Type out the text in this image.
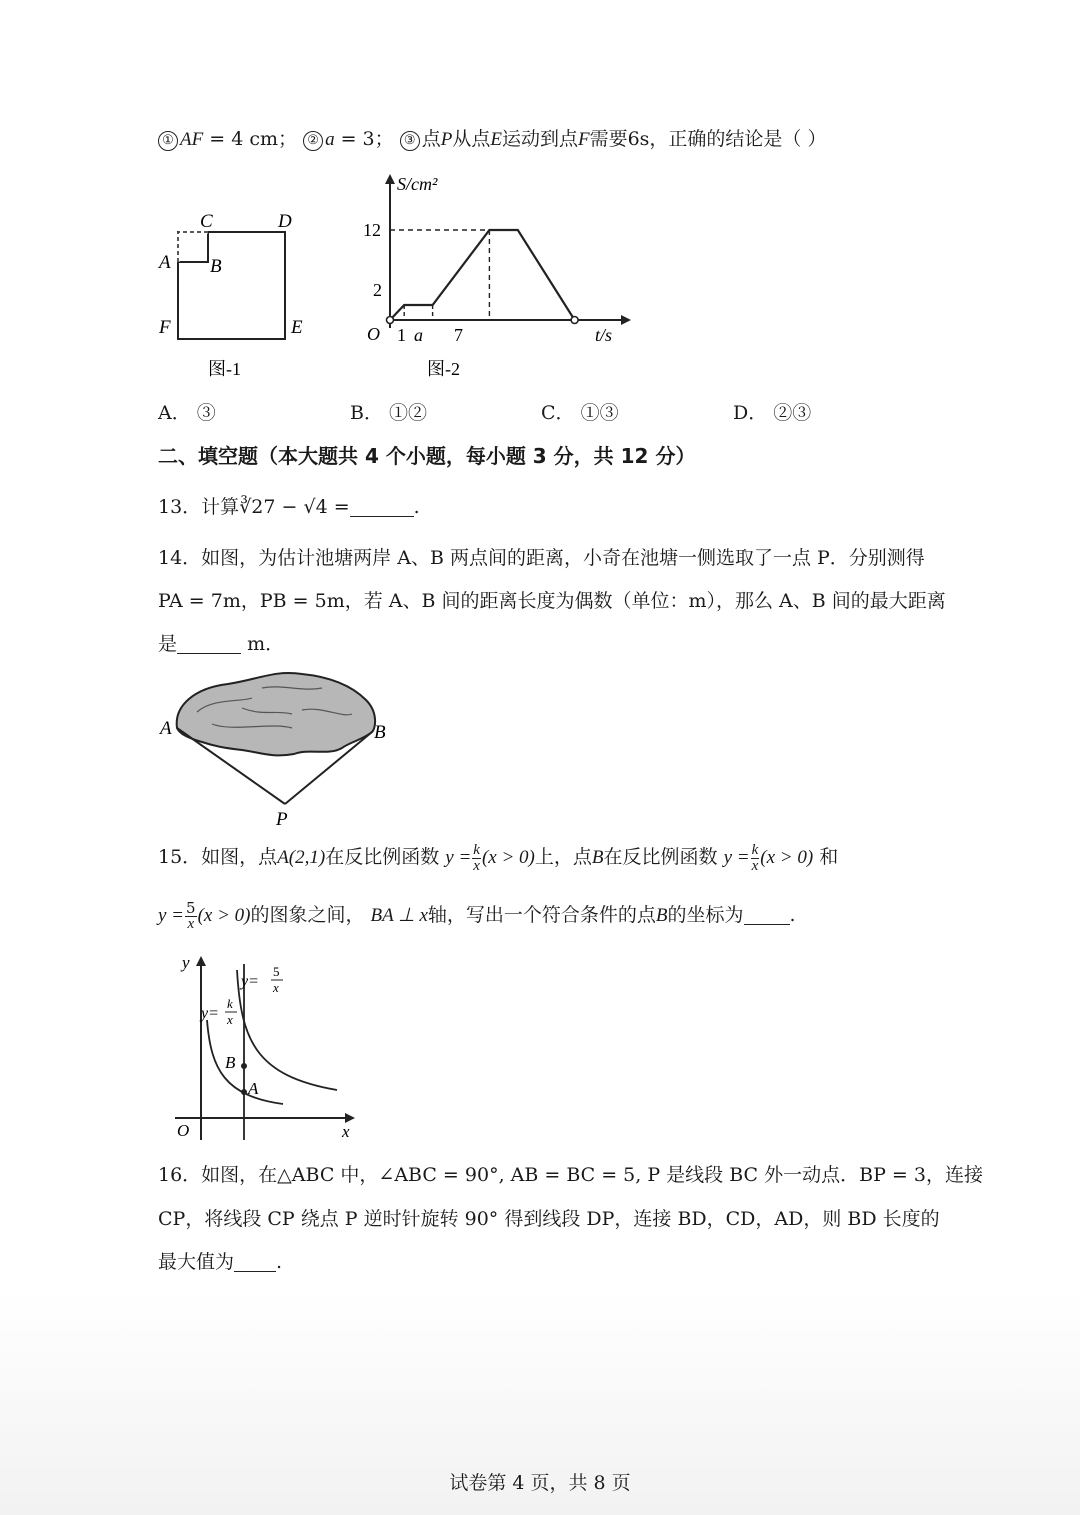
① AF = 4 cm； ② a = 3； ③ 点P从点E运动到点F需要6s，正确的结论是（ ）
C	D
A B
F	E
图-1
S/cm²
t/s
O
12
2
1 a 7
图-2
A． ③	B． ①②	C． ①③	D． ②③
二、填空题（本大题共 4 个小题，每小题 3 分，共 12 分）
13．计算∛27 − √4 =	.
14．如图，为估计池塘两岸 A、B 两点间的距离，小奇在池塘一侧选取了一点 P．分别测得
PA = 7m，PB = 5m，若 A、B 间的距离长度为偶数（单位：m），那么 A、B 间的最大距离
是	m．
A	B
P
15．如图，点A(2,1)在反比例函数 $y = \frac{k}{x} (x > 0)$上，点B在反比例函数 $y = \frac{k}{x} (x > 0)$ 和
$y = \frac{5}{x} (x > 0)$的图象之间， BA ⊥ x轴，写出一个符合条件的点B的坐标为 .
y
x
O
B
A
y=
5
x
y=
k
x
16．如图，在△ABC 中，∠ABC = 90°, AB = BC = 5, P 是线段 BC 外一动点．BP = 3，连接
CP，将线段 CP 绕点 P 逆时针旋转 90° 得到线段 DP，连接 BD，CD，AD，则 BD 长度的
最大值为 .
试卷第 4 页，共 8 页
